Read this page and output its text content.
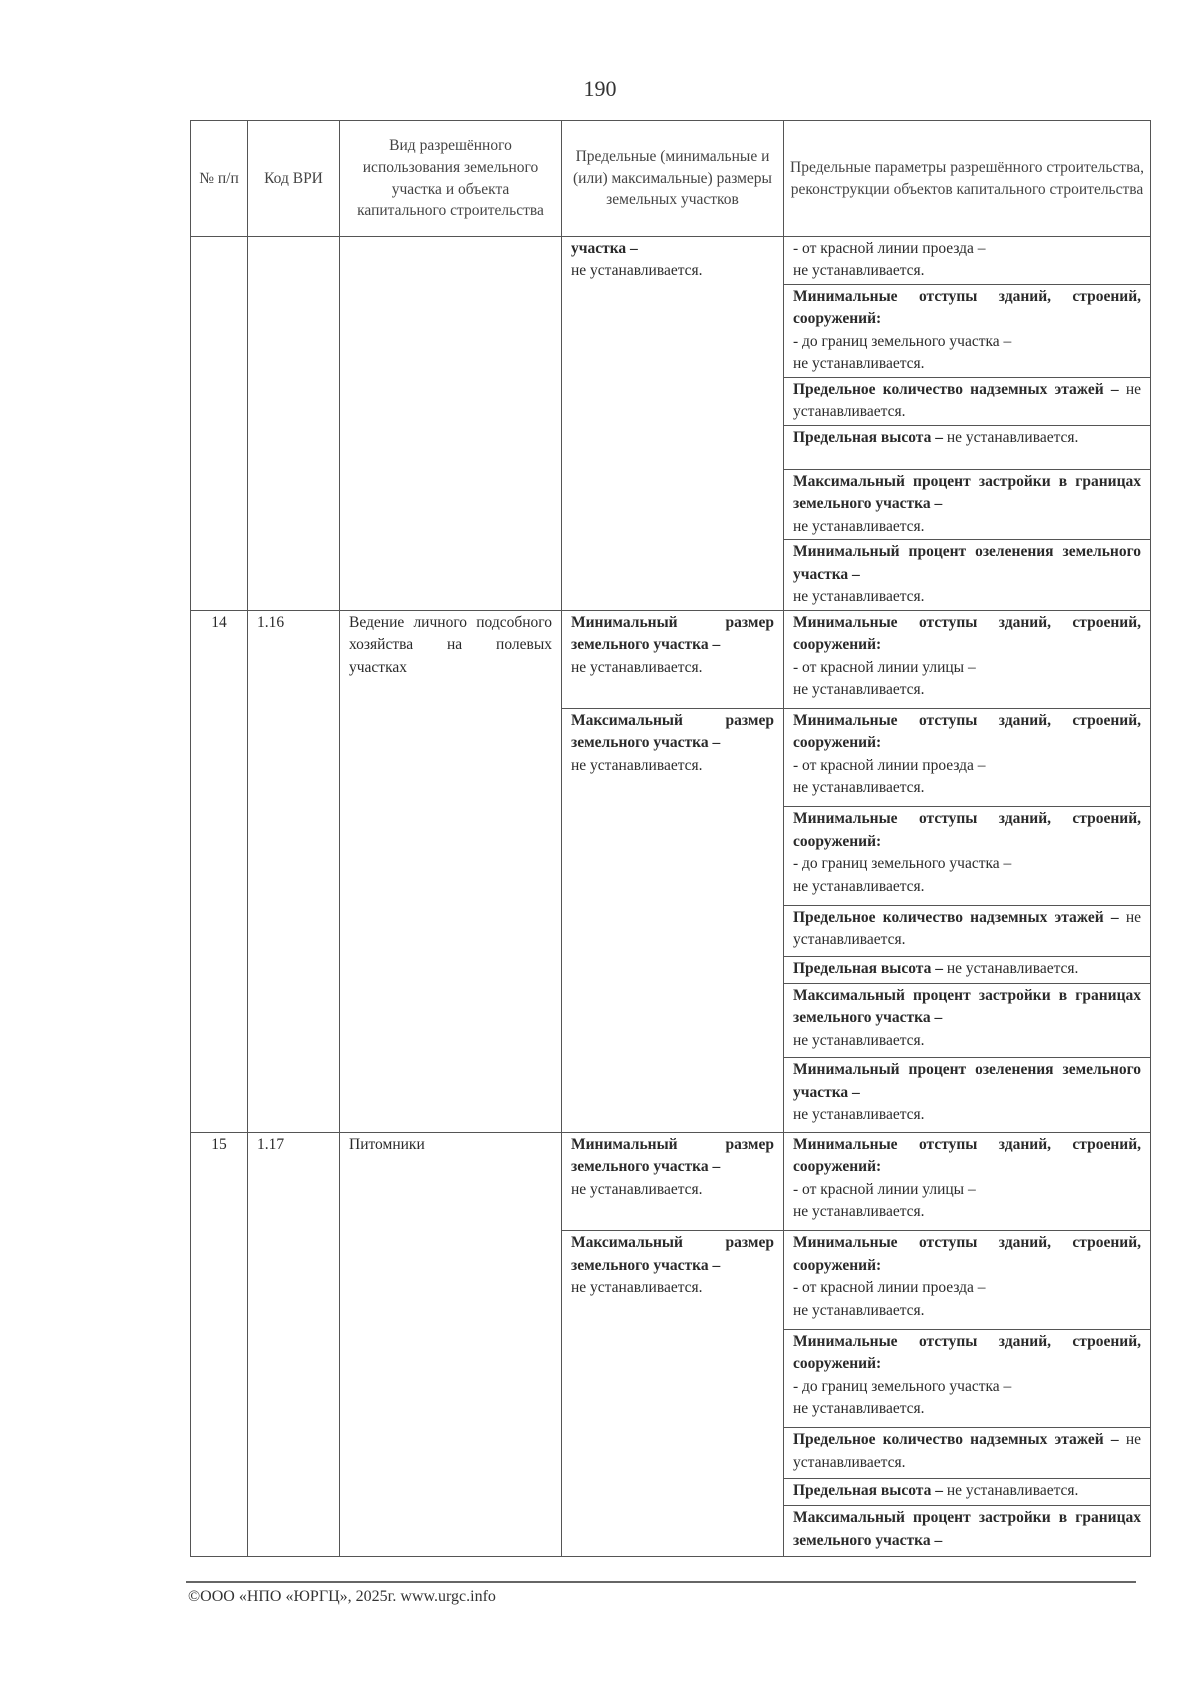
190
№ п/п	Код ВРИ	Вид разрешённого использования земельного участка и объекта капитального строительства	Предельные (минимальные и (или) максимальные) размеры земельных участков	Предельные параметры разрешённого строительства, реконструкции объектов капитального строительства

			участка –
не устанавливается.	- от красной линии проезда –
не устанавливается.

				Минимальные отступы зданий, строений, сооружений:
- до границ земельного участка –
не устанавливается.

				Предельное количество надземных этажей – не устанавливается.

				Предельная высота – не устанавливается.

				Максимальный процент застройки в границах земельного участка –
не устанавливается.

				Минимальный процент озеленения земельного участка –
не устанавливается.

14	1.16	Ведение личного подсобного хозяйства на полевых участках	Минимальный размер земельного участка –
не устанавливается.	Минимальные отступы зданий, строений, сооружений:
- от красной линии улицы –
не устанавливается.

			Максимальный размер земельного участка –
не устанавливается.	Минимальные отступы зданий, строений, сооружений:
- от красной линии проезда –
не устанавливается.

				Минимальные отступы зданий, строений, сооружений:
- до границ земельного участка –
не устанавливается.

				Предельное количество надземных этажей – не устанавливается.

				Предельная высота – не устанавливается.

				Максимальный процент застройки в границах земельного участка –
не устанавливается.

				Минимальный процент озеленения земельного участка –
не устанавливается.

15	1.17	Питомники	Минимальный размер земельного участка –
не устанавливается.	Минимальные отступы зданий, строений, сооружений:
- от красной линии улицы –
не устанавливается.

			Максимальный размер земельного участка –
не устанавливается.	Минимальные отступы зданий, строений, сооружений:
- от красной линии проезда –
не устанавливается.

				Минимальные отступы зданий, строений, сооружений:
- до границ земельного участка –
не устанавливается.

				Предельное количество надземных этажей – не устанавливается.

				Предельная высота – не устанавливается.

				Максимальный процент застройки в границах земельного участка –
©ООО «НПО «ЮРГЦ», 2025г. www.urgc.info
